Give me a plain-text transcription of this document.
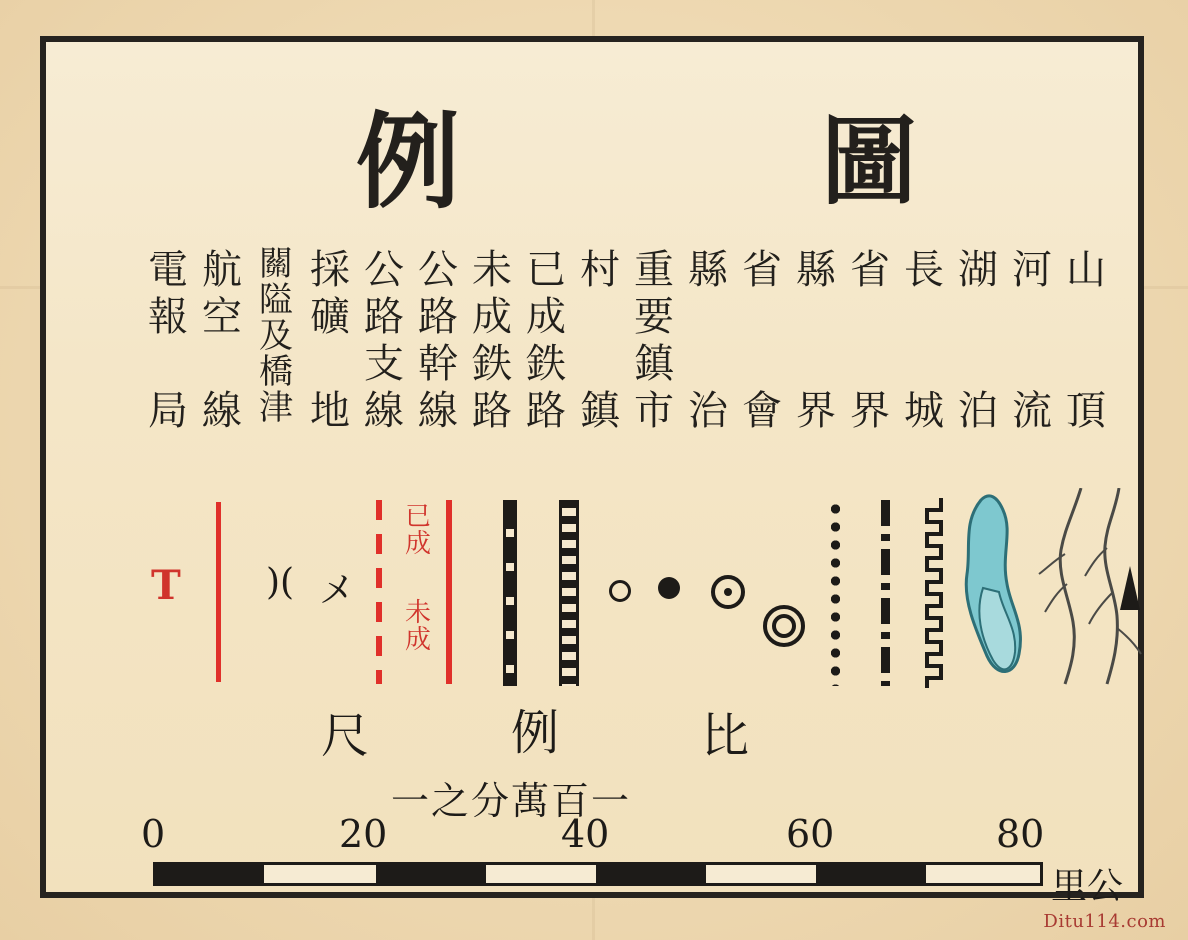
例	圖
電
報
局
航
空
線
關
隘
及
橋
津
採
礦
地
公
路
支
線
公
路
幹
線
未
成
鉄
路
已
成
鉄
路
村
鎮
重
要
鎮
市
縣
治
省
會
縣
界
省
界
長
城
湖
泊
河
流
山
頂
T )( メ
已
成
未
成
尺	例	比
一之分萬百一
0	20	40	60	80
里公
Ditu114.com
